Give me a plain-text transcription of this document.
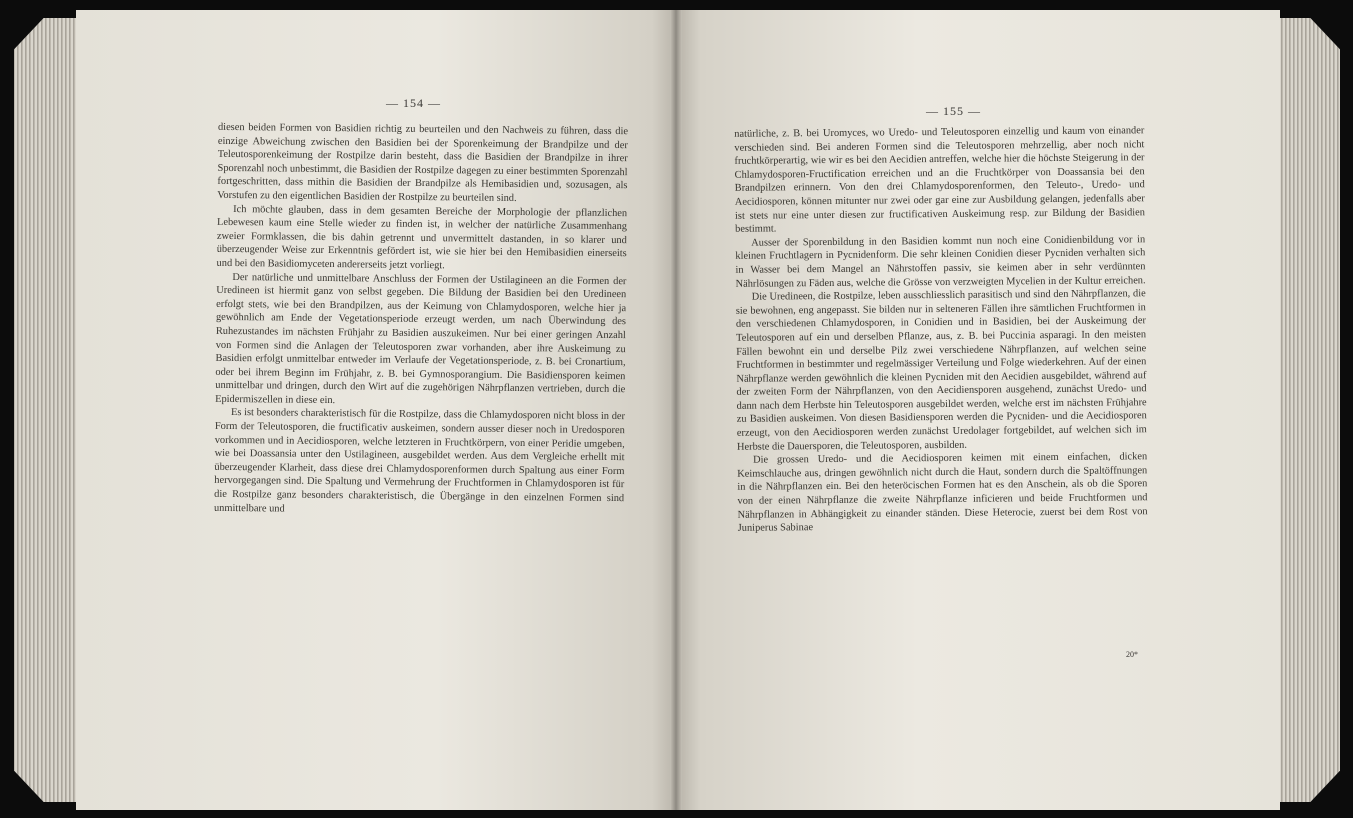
— 154 —

diesen beiden Formen von Basidien richtig zu beurteilen und den Nachweis zu führen, dass die einzige Abweichung zwischen den Basidien bei der Sporenkeimung der Brandpilze und der Teleutosporenkeimung der Rostpilze darin besteht, dass die Basidien der Brandpilze in ihrer Sporenzahl noch unbestimmt, die Basidien der Rostpilze dagegen zu einer bestimmten Sporenzahl fortgeschritten, dass mithin die Basidien der Brandpilze als Hemibasidien und, sozusagen, als Vorstufen zu den eigentlichen Basidien der Rostpilze zu beurteilen sind.

Ich möchte glauben, dass in dem gesamten Bereiche der Morphologie der pflanzlichen Lebewesen kaum eine Stelle wieder zu finden ist, in welcher der natürliche Zusammenhang zweier Formklassen, die bis dahin getrennt und unvermittelt dastanden, in so klarer und überzeugender Weise zur Erkenntnis gefördert ist, wie sie hier bei den Hemibasidien einerseits und bei den Basidiomyceten andererseits jetzt vorliegt.

Der natürliche und unmittelbare Anschluss der Formen der Ustilagineen an die Formen der Uredineen ist hiermit ganz von selbst gegeben. Die Bildung der Basidien bei den Uredineen erfolgt stets, wie bei den Brandpilzen, aus der Keimung von Chlamydosporen, welche hier ja gewöhnlich am Ende der Vegetationsperiode erzeugt werden, um nach Überwindung des Ruhezustandes im nächsten Frühjahr zu Basidien auszukeimen. Nur bei einer geringen Anzahl von Formen sind die Anlagen der Teleutosporen zwar vorhanden, aber ihre Auskeimung zu Basidien erfolgt unmittelbar entweder im Verlaufe der Vegetationsperiode, z. B. bei Cronartium, oder bei ihrem Beginn im Frühjahr, z. B. bei Gymnosporangium. Die Basidiensporen keimen unmittelbar und dringen, durch den Wirt auf die zugehörigen Nährpflanzen vertrieben, durch die Epidermiszellen in diese ein.

Es ist besonders charakteristisch für die Rostpilze, dass die Chlamydosporen nicht bloss in der Form der Teleutosporen, die fructificativ auskeimen, sondern ausser dieser noch in Uredosporen vorkommen und in Aecidiosporen, welche letzteren in Fruchtkörpern, von einer Peridie umgeben, wie bei Doassansia unter den Ustilagineen, ausgebildet werden. Aus dem Vergleiche erhellt mit überzeugender Klarheit, dass diese drei Chlamydosporenformen durch Spaltung aus einer Form hervorgegangen sind. Die Spaltung und Vermehrung der Fruchtformen in Chlamydosporen ist für die Rostpilze ganz besonders charakteristisch, die Übergänge in den einzelnen Formen sind unmittelbare und

— 155 —

natürliche, z. B. bei Uromyces, wo Uredo- und Teleutosporen einzellig und kaum von einander verschieden sind. Bei anderen Formen sind die Teleutosporen mehrzellig, aber noch nicht fruchtkörperartig, wie wir es bei den Aecidien antreffen, welche hier die höchste Steigerung in der Chlamydosporen-Fructification erreichen und an die Fruchtkörper von Doassansia bei den Brandpilzen erinnern. Von den drei Chlamydosporenformen, den Teleuto-, Uredo- und Aecidiosporen, können mitunter nur zwei oder gar eine zur Ausbildung gelangen, jedenfalls aber ist stets nur eine unter diesen zur fructificativen Auskeimung resp. zur Bildung der Basidien bestimmt.

Ausser der Sporenbildung in den Basidien kommt nun noch eine Conidienbildung vor in kleinen Fruchtlagern in Pycnidenform. Die sehr kleinen Conidien dieser Pycniden verhalten sich in Wasser bei dem Mangel an Nährstoffen passiv, sie keimen aber in sehr verdünnten Nährlösungen zu Fäden aus, welche die Grösse von verzweigten Mycelien in der Kultur erreichen.

Die Uredineen, die Rostpilze, leben ausschliesslich parasitisch und sind den Nährpflanzen, die sie bewohnen, eng angepasst. Sie bilden nur in selteneren Fällen ihre sämtlichen Fruchtformen in den verschiedenen Chlamydosporen, in Conidien und in Basidien, bei der Auskeimung der Teleutosporen auf ein und derselben Pflanze, aus, z. B. bei Puccinia asparagi. In den meisten Fällen bewohnt ein und derselbe Pilz zwei verschiedene Nährpflanzen, auf welchen seine Fruchtformen in bestimmter und regelmässiger Verteilung und Folge wiederkehren. Auf der einen Nährpflanze werden gewöhnlich die kleinen Pycniden mit den Aecidien ausgebildet, während auf der zweiten Form der Nährpflanzen, von den Aecidiensporen ausgehend, zunächst Uredo- und dann nach dem Herbste hin Teleutosporen ausgebildet werden, welche erst im nächsten Frühjahre zu Basidien auskeimen. Von diesen Basidiensporen werden die Pycniden- und die Aecidiosporen erzeugt, von den Aecidiosporen werden zunächst Uredolager fortgebildet, auf welchen sich im Herbste die Dauersporen, die Teleutosporen, ausbilden.

Die grossen Uredo- und die Aecidiosporen keimen mit einem einfachen, dicken Keimschlauche aus, dringen gewöhnlich nicht durch die Haut, sondern durch die Spaltöffnungen in die Nährpflanzen ein. Bei den heteröcischen Formen hat es den Anschein, als ob die Sporen von der einen Nährpflanze die zweite Nährpflanze inficieren und beide Fruchtformen und Nährpflanzen in Abhängigkeit zu einander ständen. Diese Heterocie, zuerst bei dem Rost von Juniperus Sabinae

20*
